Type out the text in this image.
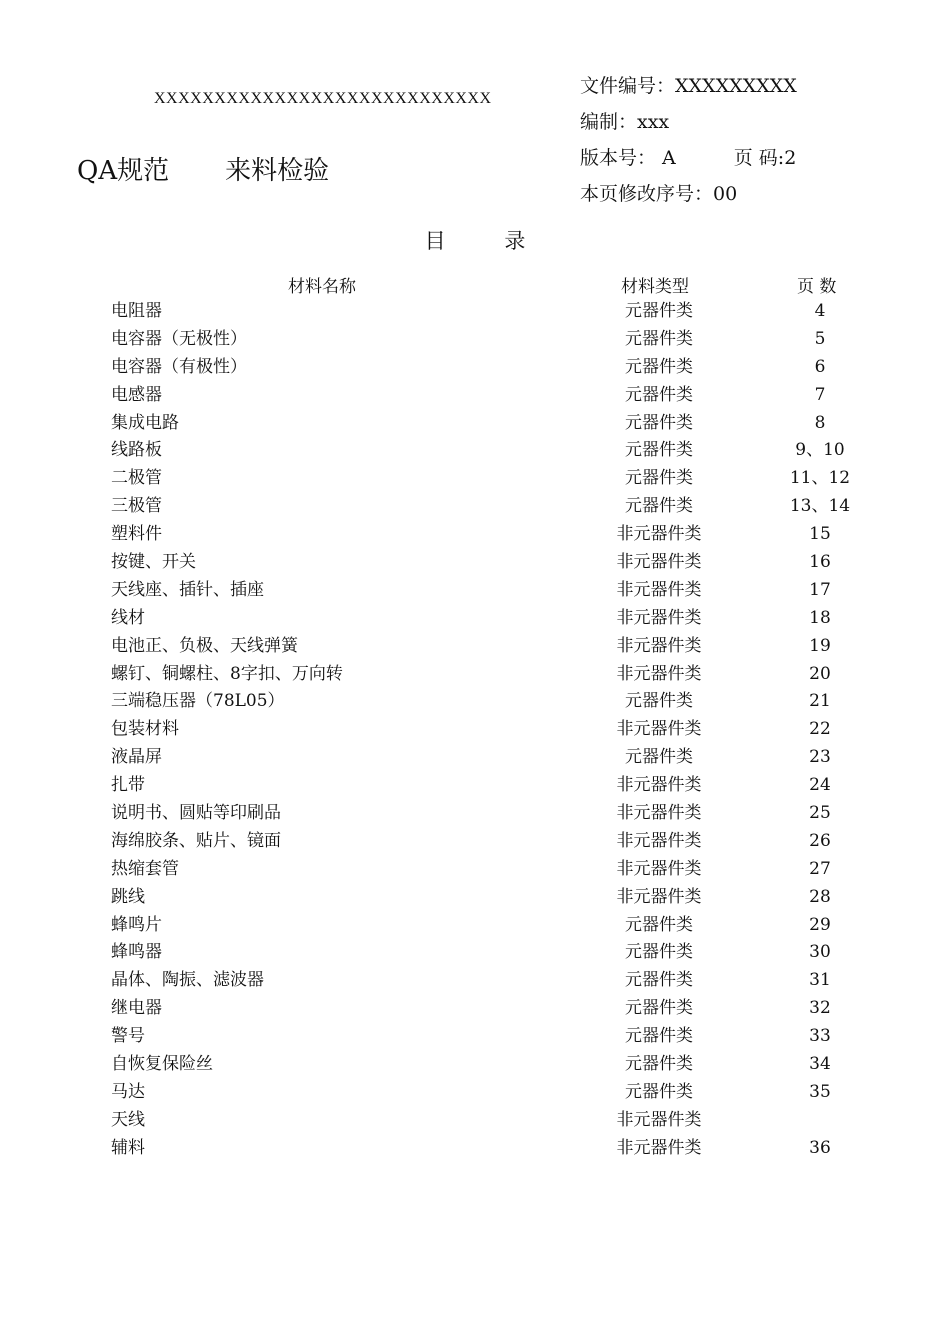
XXXXXXXXXXXXXXXXXXXXXXXXXXXX
QA规范 来料检验
文件编号：XXXXXXXXX
编制：xxx
版本号： A	页 码:2
本页修改序号：00
目 录
材料名称	材料类型	页 数
电阻器	元器件类	4
电容器（无极性）	元器件类	5
电容器（有极性）	元器件类	6
电感器	元器件类	7
集成电路	元器件类	8
线路板	元器件类	9、10
二极管	元器件类	11、12
三极管	元器件类	13、14
塑料件	非元器件类	15
按键、开关	非元器件类	16
天线座、插针、插座	非元器件类	17
线材	非元器件类	18
电池正、负极、天线弹簧	非元器件类	19
螺钉、铜螺柱、8字扣、万向转	非元器件类	20
三端稳压器（78L05）	元器件类	21
包装材料	非元器件类	22
液晶屏	元器件类	23
扎带	非元器件类	24
说明书、圆贴等印刷品	非元器件类	25
海绵胶条、贴片、镜面	非元器件类	26
热缩套管	非元器件类	27
跳线	非元器件类	28
蜂鸣片	元器件类	29
蜂鸣器	元器件类	30
晶体、陶振、滤波器	元器件类	31
继电器	元器件类	32
警号	元器件类	33
自恢复保险丝	元器件类	34
马达	元器件类	35
天线	非元器件类
辅料	非元器件类	36
